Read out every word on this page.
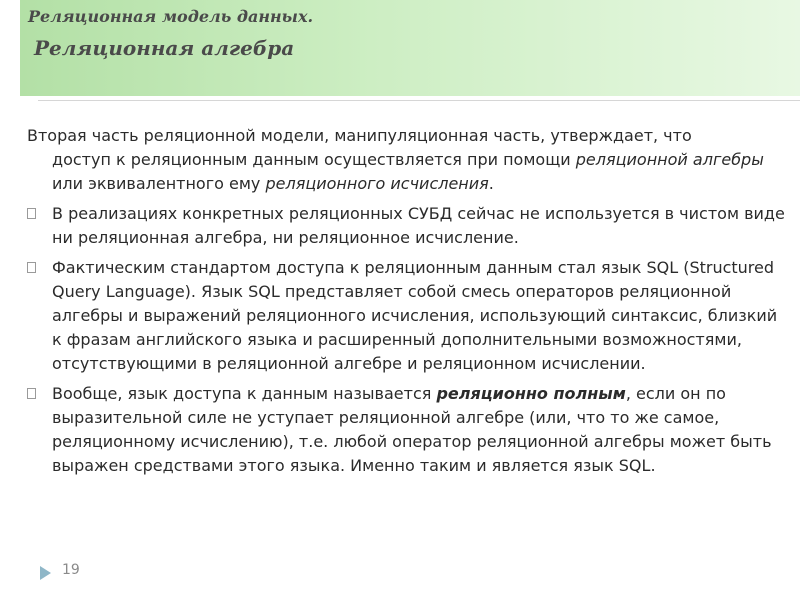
Реляционная модель данных.
Реляционная алгебра
Вторая часть реляционной модели, манипуляционная часть, утверждает, что
доступ к реляционным данным осуществляется при помощи реляционной алгебры или эквивалентного ему реляционного исчисления.
В реализациях конкретных реляционных СУБД сейчас не используется в чистом виде ни реляционная алгебра, ни реляционное исчисление.
Фактическим стандартом доступа к реляционным данным стал язык SQL (Structured Query Language). Язык SQL представляет собой смесь операторов реляционной алгебры и выражений реляционного исчисления, использующий синтаксис, близкий к фразам английского языка и расширенный дополнительными возможностями, отсутствующими в реляционной алгебре и реляционном исчислении.
Вообще, язык доступа к данным называется реляционно полным, если он по выразительной силе не уступает реляционной алгебре (или, что то же самое, реляционному исчислению), т.е. любой оператор реляционной алгебры может быть выражен средствами этого языка. Именно таким и является язык SQL.
19
